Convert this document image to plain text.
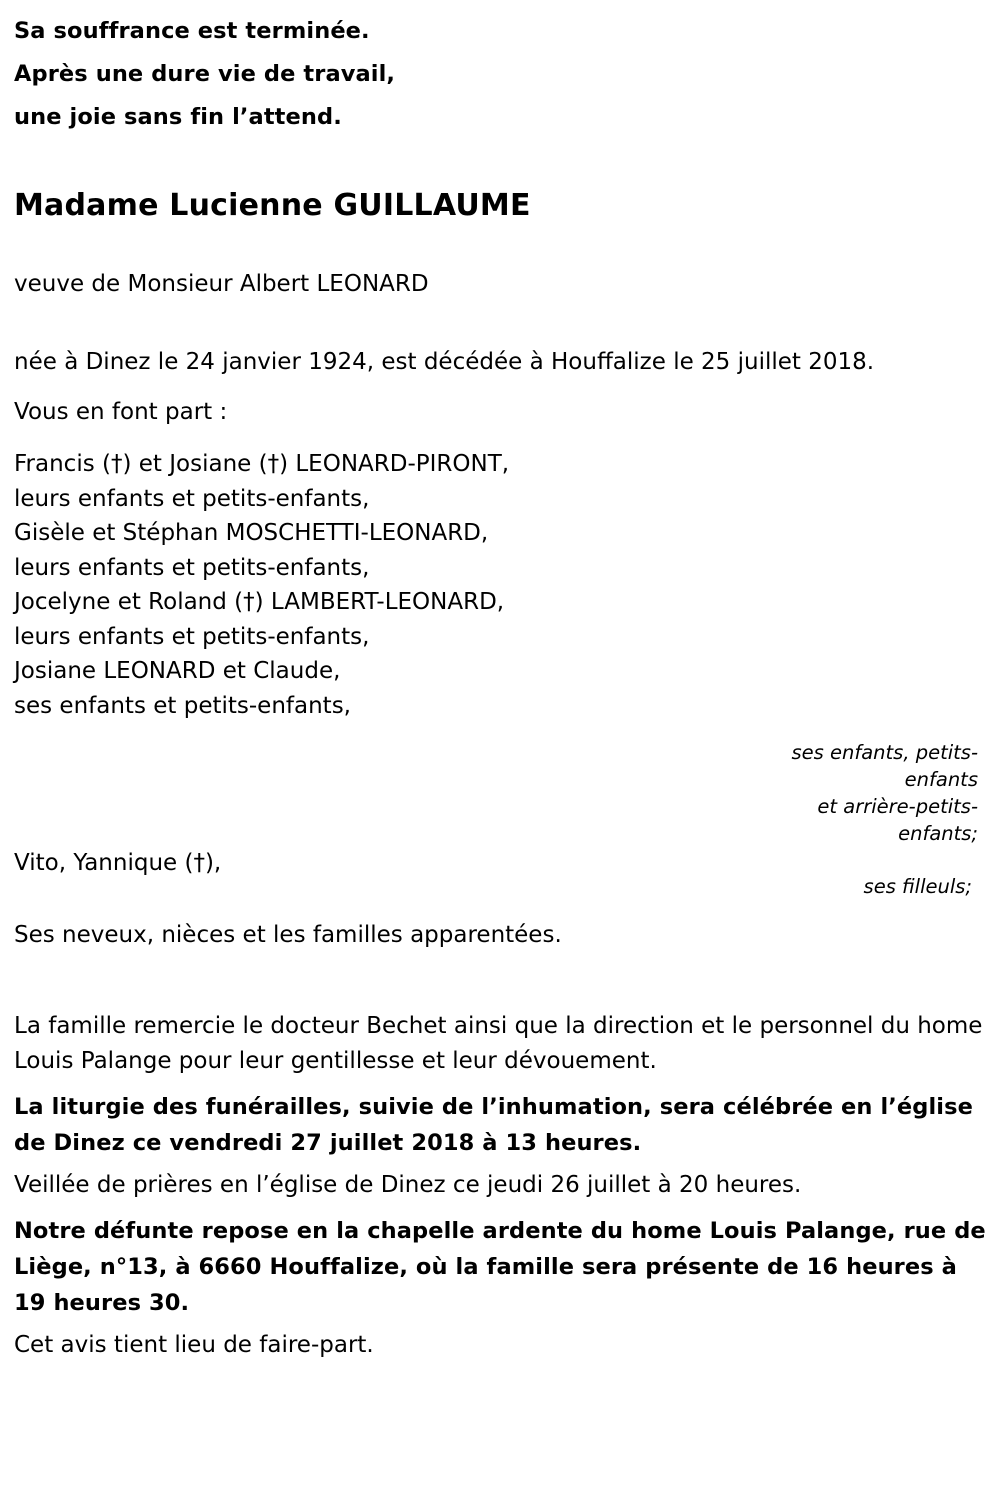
Sa souffrance est terminée.
Après une dure vie de travail,
une joie sans fin l’attend.
Madame Lucienne GUILLAUME
veuve de Monsieur Albert LEONARD
née à Dinez le 24 janvier 1924, est décédée à Houffalize le 25 juillet 2018.
Vous en font part :
Francis (†) et Josiane (†) LEONARD-PIRONT,
leurs enfants et petits-enfants,
Gisèle et Stéphan MOSCHETTI-LEONARD,
leurs enfants et petits-enfants,
Jocelyne et Roland (†) LAMBERT-LEONARD,
leurs enfants et petits-enfants,
Josiane LEONARD et Claude,
ses enfants et petits-enfants,
ses enfants, petits-
enfants
et arrière-petits-
enfants;
ses filleuls;
Vito, Yannique (†),
Ses neveux, nièces et les familles apparentées.
La famille remercie le docteur Bechet ainsi que la direction et le personnel du home Louis Palange pour leur gentillesse et leur dévouement.
La liturgie des funérailles, suivie de l’inhumation, sera célébrée en l’église de Dinez ce vendredi 27 juillet 2018 à 13 heures.
Veillée de prières en l’église de Dinez ce jeudi 26 juillet à 20 heures.
Notre défunte repose en la chapelle ardente du home Louis Palange, rue de Liège, n°13, à 6660 Houffalize, où la famille sera présente de 16 heures à 19 heures 30.
Cet avis tient lieu de faire-part.
